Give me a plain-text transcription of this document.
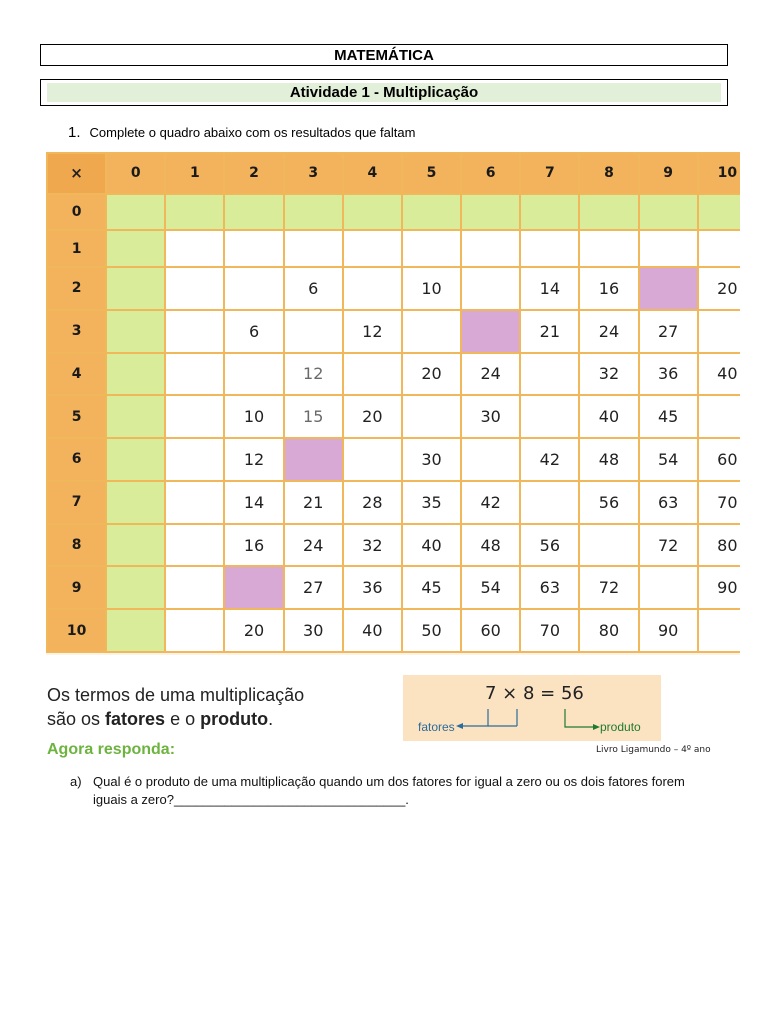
MATEMÁTICA
Atividade 1 - Multiplicação
1. Complete o quadro abaixo com os resultados que faltam
×	0	1	2	3	4	5	6	7	8	9	10
0											
1											
2				6		10		14	16		20
3			6		12			21	24	27	
4				12		20	24		32	36	40
5			10	15	20		30		40	45	
6			12			30		42	48	54	60
7			14	21	28	35	42		56	63	70
8			16	24	32	40	48	56		72	80
9				27	36	45	54	63	72		90
10			20	30	40	50	60	70	80	90	
Os termos de uma multiplicação
são os fatores e o produto.
7 × 8 = 56
fatores	produto
Agora responda:	Livro Ligamundo – 4º ano
a) Qual é o produto de uma multiplicação quando um dos fatores for igual a zero ou os dois fatores forem iguais a zero?________________________________.
